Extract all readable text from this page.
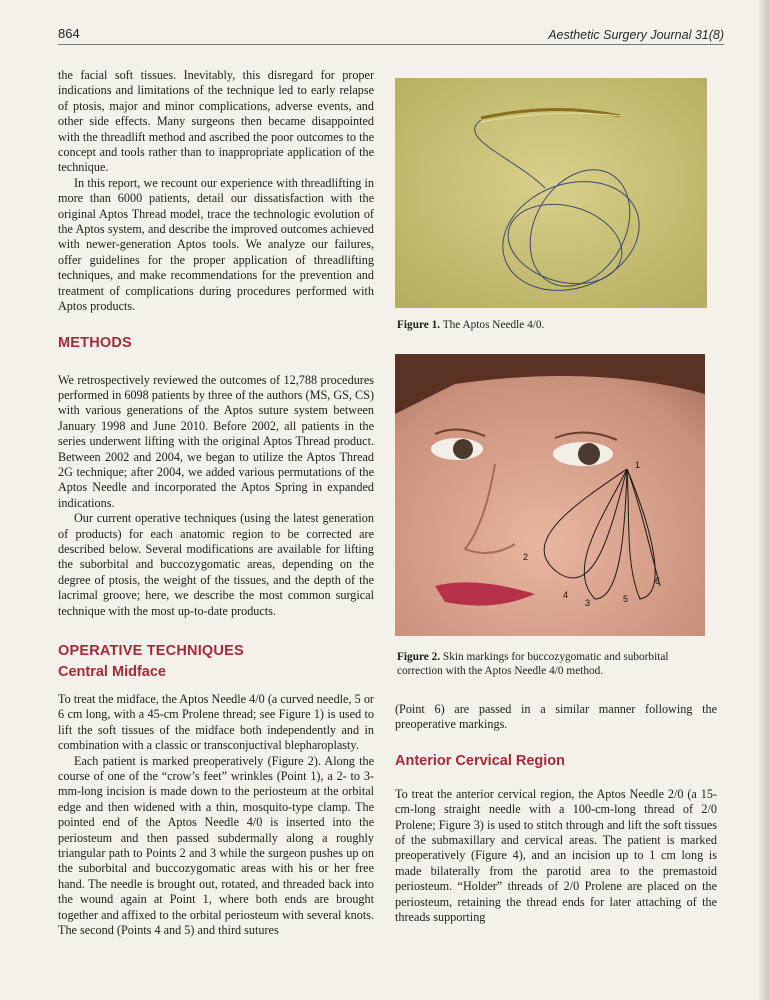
864	Aesthetic Surgery Journal 31(8)

the facial soft tissues. Inevitably, this disregard for proper indications and limitations of the technique led to early relapse of ptosis, major and minor complications, adverse events, and other side effects. Many surgeons then became disappointed with the threadlift method and ascribed the poor outcomes to the concept and tools rather than to inappropriate application of the technique.

In this report, we recount our experience with threadlifting in more than 6000 patients, detail our dissatisfaction with the original Aptos Thread model, trace the technologic evolution of the Aptos system, and describe the improved outcomes achieved with newer-generation Aptos tools. We analyze our failures, offer guidelines for the proper application of threadlifting techniques, and make recommendations for the prevention and treatment of complications during procedures performed with Aptos products.

METHODS

We retrospectively reviewed the outcomes of 12,788 procedures performed in 6098 patients by three of the authors (MS, GS, CS) with various generations of the Aptos suture system between January 1998 and June 2010. Before 2002, all patients in the series underwent lifting with the original Aptos Thread product. Between 2002 and 2004, we began to utilize the Aptos Thread 2G technique; after 2004, we added various permutations of the Aptos Needle and incorporated the Aptos Spring in expanded indications.

Our current operative techniques (using the latest generation of products) for each anatomic region to be corrected are described below. Several modifications are available for lifting the suborbital and buccozygomatic areas, depending on the degree of ptosis, the weight of the tissues, and the depth of the lacrimal groove; here, we describe the most common surgical technique with the most up-to-date products.

OPERATIVE TECHNIQUES
Central Midface

To treat the midface, the Aptos Needle 4/0 (a curved needle, 5 or 6 cm long, with a 45-cm Prolene thread; see Figure 1) is used to lift the soft tissues of the midface both independently and in combination with a classic or transconjuctival blepharoplasty.

Each patient is marked preoperatively (Figure 2). Along the course of one of the “crow’s feet” wrinkles (Point 1), a 2- to 3-mm-long incision is made down to the periosteum at the orbital edge and then widened with a thin, mosquito-type clamp. The pointed end of the Aptos Needle 4/0 is inserted into the periosteum and then passed subdermally along a roughly triangular path to Points 2 and 3 while the surgeon pushes up on the suborbital and buccozygomatic areas with his or her free hand. The needle is brought out, rotated, and threaded back into the wound again at Point 1, where both ends are brought together and affixed to the orbital periosteum with several knots. The second (Points 4 and 5) and third sutures

Figure 1. The Aptos Needle 4/0.

1
2
3
4	5
6

Figure 2. Skin markings for buccozygomatic and suborbital correction with the Aptos Needle 4/0 method.

(Point 6) are passed in a similar manner following the preoperative markings.

Anterior Cervical Region

To treat the anterior cervical region, the Aptos Needle 2/0 (a 15-cm-long straight needle with a 100-cm-long thread of 2/0 Prolene; Figure 3) is used to stitch through and lift the soft tissues of the submaxillary and cervical areas. The patient is marked preoperatively (Figure 4), and an incision up to 1 cm long is made bilaterally from the parotid area to the premastoid periosteum. “Holder” threads of 2/0 Prolene are placed on the periosteum, retaining the thread ends for later attaching of the threads supporting
